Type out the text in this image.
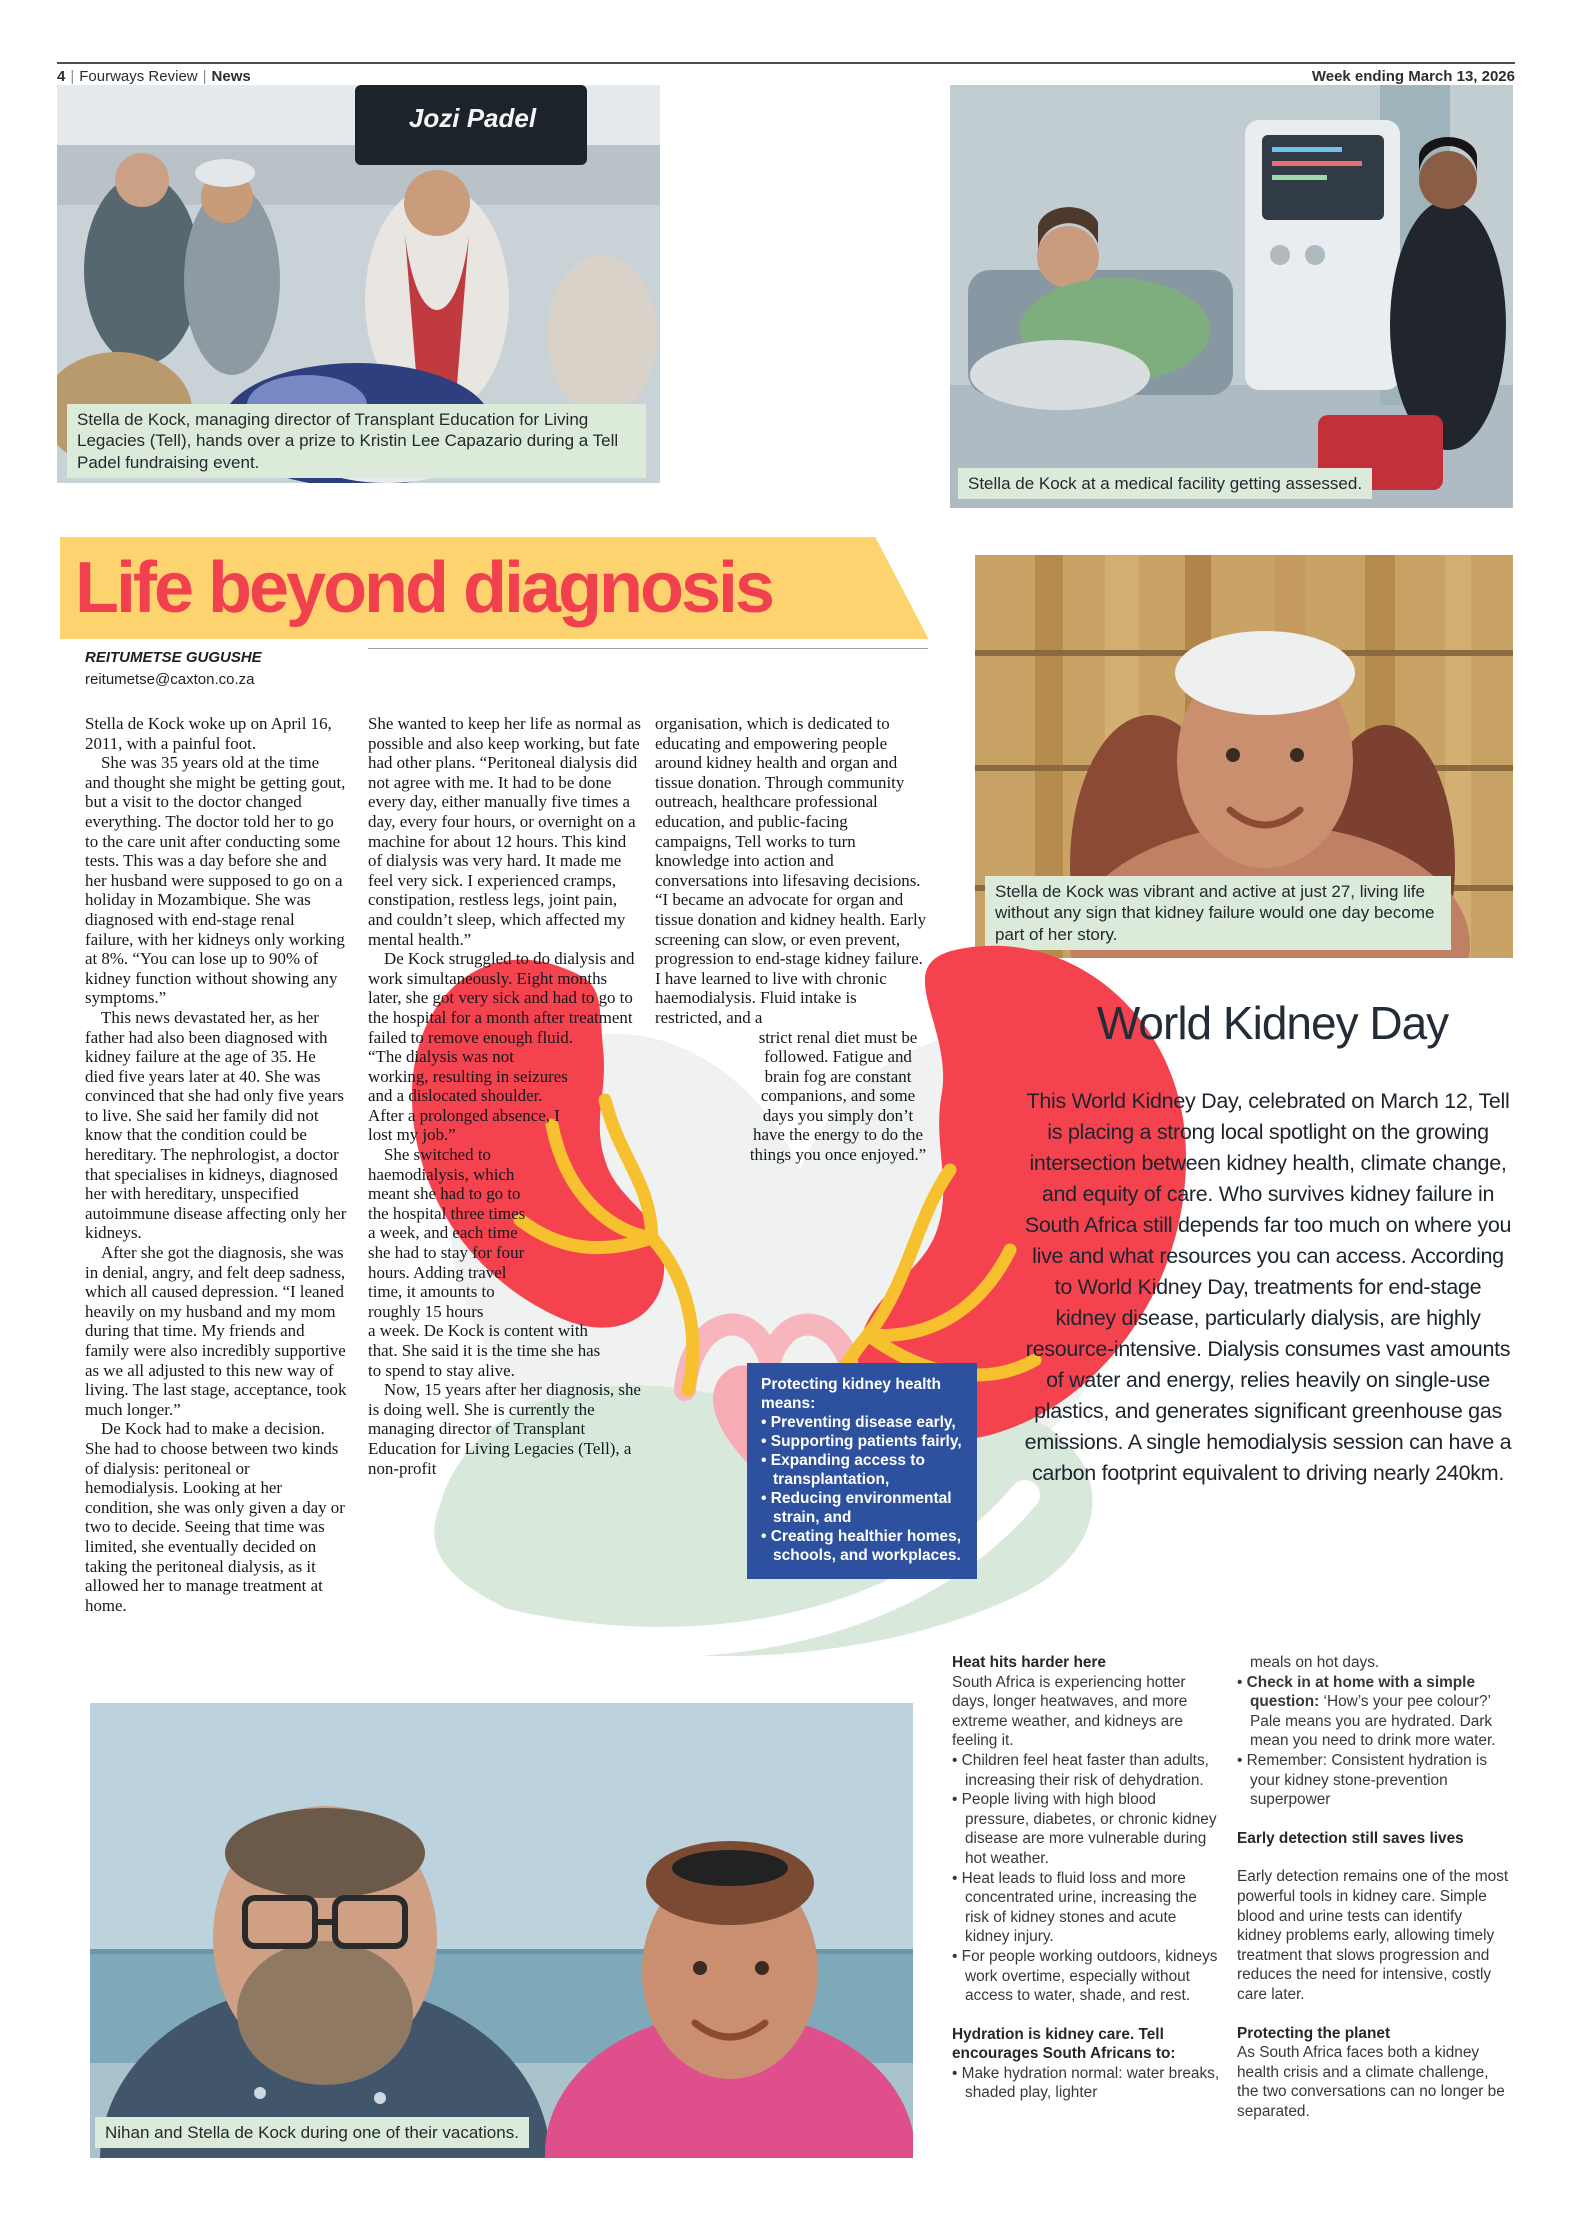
4 | Fourways Review | News	Week ending March 13, 2026
Jozi Padel
Stella de Kock, managing director of Transplant Education for Living Legacies (Tell), hands over a prize to Kristin Lee Capazario during a Tell Padel fundraising event.
Stella de Kock at a medical facility getting assessed.
Stella de Kock was vibrant and active at just 27, living life without any sign that kidney failure would one day become part of her story.
Life beyond diagnosis
REITUMETSE GUGUSHE
reitumetse@caxton.co.za

Stella de Kock woke up on April 16, 2011, with a painful foot.

She was 35 years old at the time and thought she might be getting gout, but a visit to the doctor changed everything. The doctor told her to go to the care unit after conducting some tests. This was a day before she and her husband were supposed to go on a holiday in Mozambique. She was diagnosed with end-stage renal failure, with her kidneys only working at 8%. “You can lose up to 90% of kidney function without showing any symptoms.”

This news devastated her, as her father had also been diagnosed with kidney failure at the age of 35. He died five years later at 40. She was convinced that she had only five years to live. She said her family did not know that the condition could be hereditary. The nephrologist, a doctor that specialises in kidneys, diagnosed her with hereditary, unspecified autoimmune disease affecting only her kidneys.

After she got the diagnosis, she was in denial, angry, and felt deep sadness, which all caused depression. “I leaned heavily on my husband and my mom during that time. My friends and family were also incredibly supportive as we all adjusted to this new way of living. The last stage, acceptance, took much longer.”

De Kock had to make a decision. She had to choose between two kinds of dialysis: peritoneal or hemodialysis. Looking at her condition, she was only given a day or two to decide. Seeing that time was limited, she eventually decided on taking the peritoneal dialysis, as it allowed her to manage treatment at home.

She wanted to keep her life as normal as possible and also keep working, but fate had other plans. “Peritoneal dialysis did not agree with me. It had to be done every day, either manually five times a day, every four hours, or overnight on a machine for about 12 hours. This kind of dialysis was very hard. It made me feel very sick. I experienced cramps, constipation, restless legs, joint pain, and couldn’t sleep, which affected my mental health.”

De Kock struggled to do dialysis and work simultaneously. Eight months later, she got very sick and had to go to the hospital for a month after treatment

failed to remove enough fluid. “The dialysis was not working, resulting in seizures and a dislocated shoulder. After a prolonged absence, I lost my job.”

She switched to haemodialysis, which meant she had to go to the hospital three times a week, and each time she had to stay for four hours. Adding travel time, it amounts to roughly 15 hours

a week. De Kock is content with that. She said it is the time she has to spend to stay alive.

Now, 15 years after her diagnosis, she is doing well. She is currently the managing director of Transplant Education for Living Legacies (Tell), a non-profit

organisation, which is dedicated to educating and empowering people around kidney health and organ and tissue donation. Through community outreach, healthcare professional education, and public-facing campaigns, Tell works to turn knowledge into action and conversations into lifesaving decisions. “I became an advocate for organ and tissue donation and kidney health. Early screening can slow, or even prevent, progression to end-stage kidney failure. I have learned to live with chronic haemodialysis. Fluid intake is restricted, and a

strict renal diet must be followed. Fatigue and brain fog are constant companions, and some days you simply don’t have the energy to do the things you once enjoyed.”

Protecting kidney health means:

• Preventing disease early,

• Supporting patients fairly,

• Expanding access to transplantation,

• Reducing environmental strain, and

• Creating healthier homes, schools, and workplaces.

World Kidney Day
This World Kidney Day, celebrated on March 12, Tell is placing a strong local spotlight on the growing intersection between kidney health, climate change, and equity of care. Who survives kidney failure in South Africa still depends far too much on where you live and what resources you can access. According to World Kidney Day, treatments for end-stage kidney disease, particularly dialysis, are highly resource-intensive. Dialysis consumes vast amounts of water and energy, relies heavily on single-use plastics, and generates significant greenhouse gas emissions. A single hemodialysis session can have a carbon footprint equivalent to driving nearly 240km.
Nihan and Stella de Kock during one of their vacations.
Heat hits harder here
South Africa is experiencing hotter days, longer heatwaves, and more extreme weather, and kidneys are feeling it.
• Children feel heat faster than adults, increasing their risk of dehydration.
• People living with high blood pressure, diabetes, or chronic kidney disease are more vulnerable during hot weather.
• Heat leads to fluid loss and more concentrated urine, increasing the risk of kidney stones and acute kidney injury.
• For people working outdoors, kidneys work overtime, especially without access to water, shade, and rest.
Hydration is kidney care. Tell encourages South Africans to:
• Make hydration normal: water breaks, shaded play, lighter
meals on hot days.
• Check in at home with a simple question: ‘How’s your pee colour?’ Pale means you are hydrated. Dark mean you need to drink more water.
• Remember: Consistent hydration is your kidney stone-prevention superpower
Early detection still saves lives
Early detection remains one of the most powerful tools in kidney care. Simple blood and urine tests can identify kidney problems early, allowing timely treatment that slows progression and reduces the need for intensive, costly care later.
Protecting the planet
As South Africa faces both a kidney health crisis and a climate challenge, the two conversations can no longer be separated.
